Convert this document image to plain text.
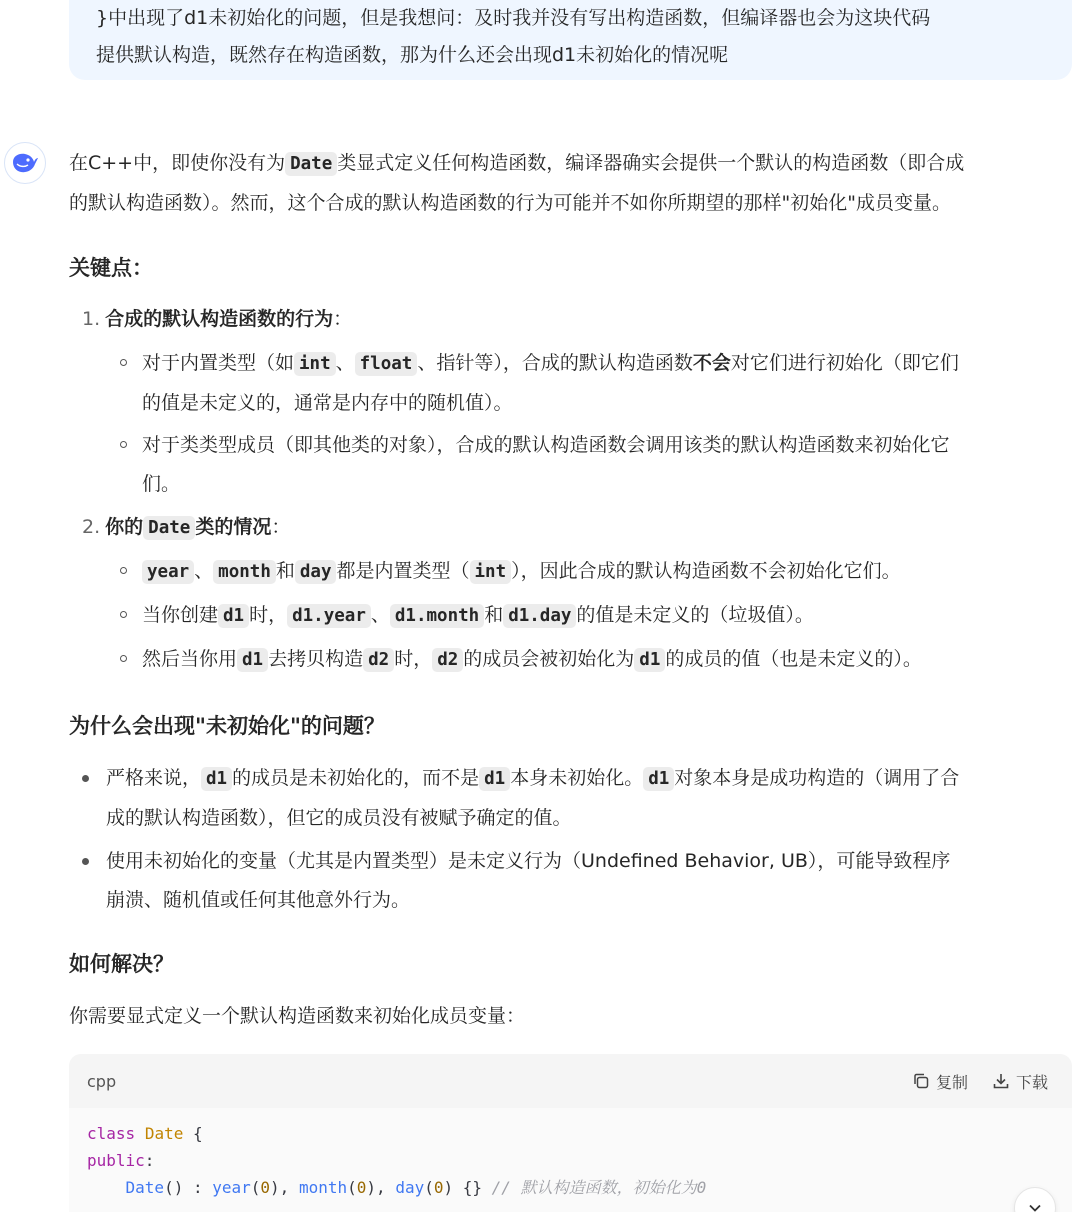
}中出现了d1未初始化的问题，但是我想问：及时我并没有写出构造函数，但编译器也会为这块代码
提供默认构造，既然存在构造函数，那为什么还会出现d1未初始化的情况呢
在C++中，即使你没有为 Date 类显式定义任何构造函数，编译器确实会提供一个默认的构造函数（即合成
的默认构造函数）。然而，这个合成的默认构造函数的行为可能并不如你所期望的那样"初始化"成员变量。
关键点：
1. 合成的默认构造函数的行为：
对于内置类型（如 int 、 float 、指针等），合成的默认构造函数不会对它们进行初始化（即它们
的值是未定义的，通常是内存中的随机值）。
对于类类型成员（即其他类的对象），合成的默认构造函数会调用该类的默认构造函数来初始化它
们。
2. 你的 Date 类的情况：
year 、 month 和 day 都是内置类型（ int ），因此合成的默认构造函数不会初始化它们。
当你创建 d1 时， d1.year 、 d1.month 和 d1.day 的值是未定义的（垃圾值）。
然后当你用 d1 去拷贝构造 d2 时， d2 的成员会被初始化为 d1 的成员的值（也是未定义的）。
为什么会出现"未初始化"的问题？
严格来说， d1 的成员是未初始化的，而不是 d1 本身未初始化。 d1 对象本身是成功构造的（调用了合
成的默认构造函数），但它的成员没有被赋予确定的值。
使用未初始化的变量（尤其是内置类型）是未定义行为（Undefined Behavior, UB），可能导致程序
崩溃、随机值或任何其他意外行为。
如何解决？
你需要显式定义一个默认构造函数来初始化成员变量：
cpp	复制	下载
class Date {
public:
Date() : year(0), month(0), day(0) {} // 默认构造函数，初始化为0
